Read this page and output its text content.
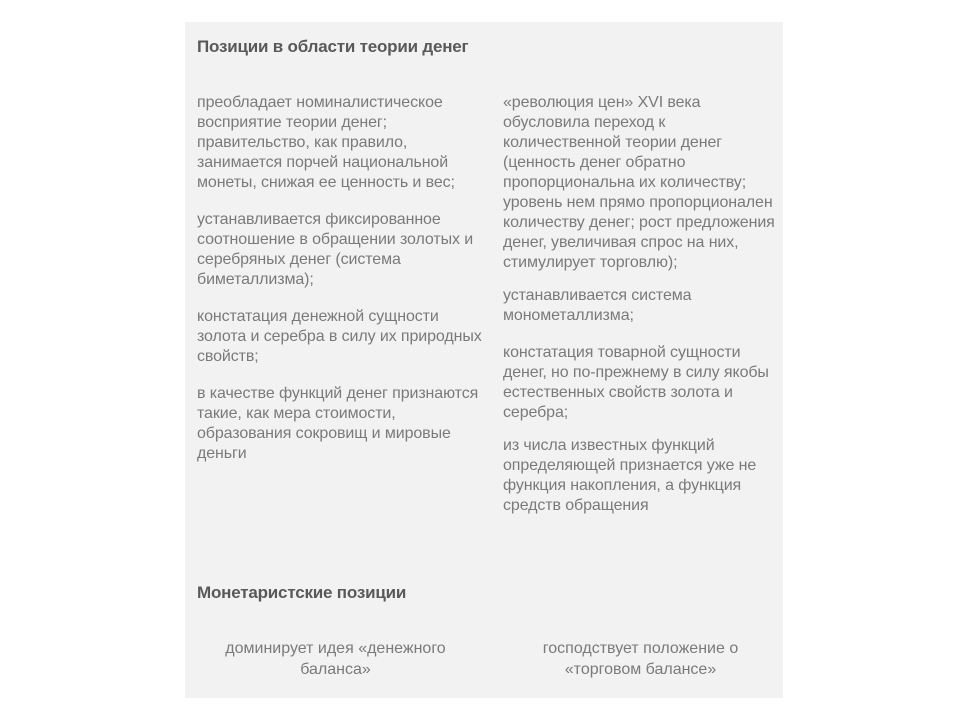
Позиции в области теории денег

преобладает номиналистическое восприятие теории денег; правительство, как правило, занимается порчей национальной монеты, снижая ее ценность и вес;

устанавливается фиксированное соотношение в обращении золотых и серебряных денег (система биметаллизма);

констатация денежной сущности золота и серебра в силу их природных свойств;

в качестве функций денег признаются такие, как мера стоимости, образования сокровищ и мировые деньги

«революция цен» XVI века обусловила переход к количественной теории денег (ценность денег обратно пропорциональна их количеству; уровень нем прямо пропорционален количеству денег; рост предложения денег, увеличивая спрос на них, стимулирует торговлю);

устанавливается система монометаллизма;

констатация товарной сущности денег, но по-прежнему в силу якобы естественных свойств золота и серебра;

из числа известных функций определяющей признается уже не функция накопления, а функция средств обращения

Монетаристские позиции
доминирует идея «денежного баланса»
господствует положение о «торговом балансе»
